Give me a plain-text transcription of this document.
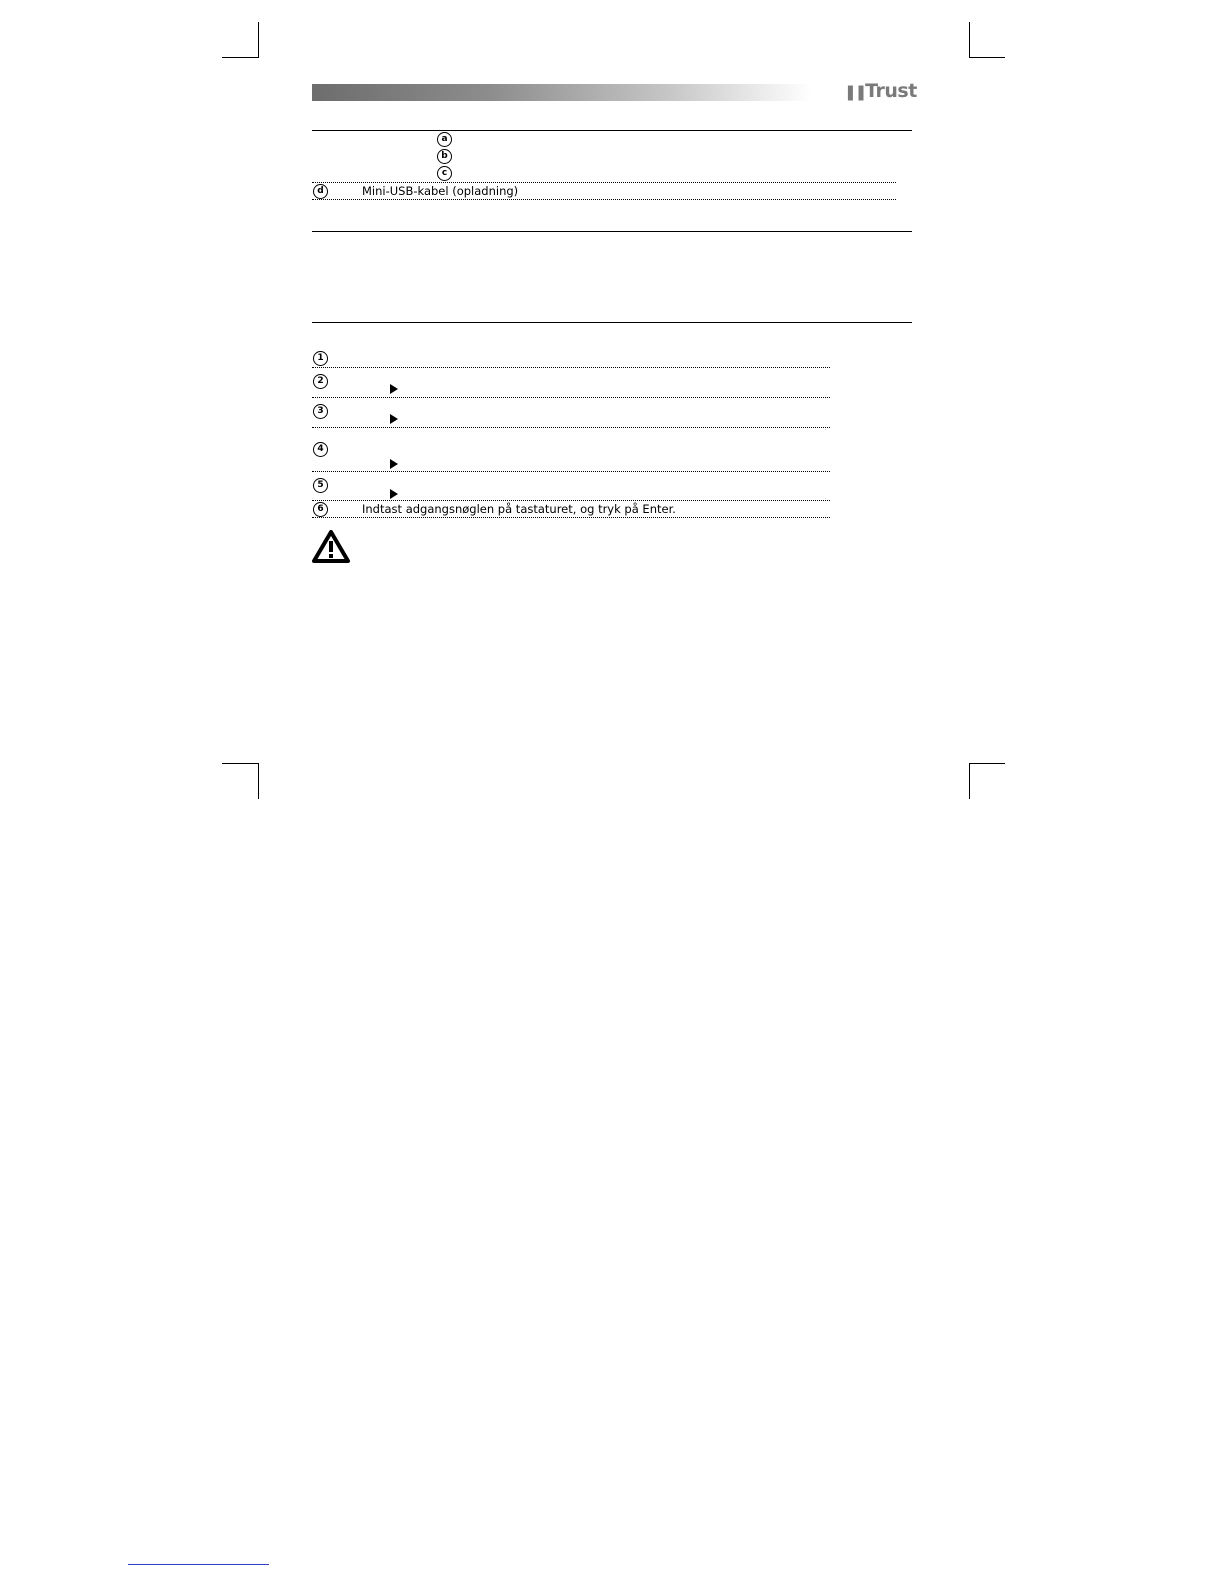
❚❚Trust
a
b
c
d	Mini-USB-kabel (opladning)
1
2
3
4
5
6	Indtast adgangsnøglen på tastaturet, og tryk på Enter.
